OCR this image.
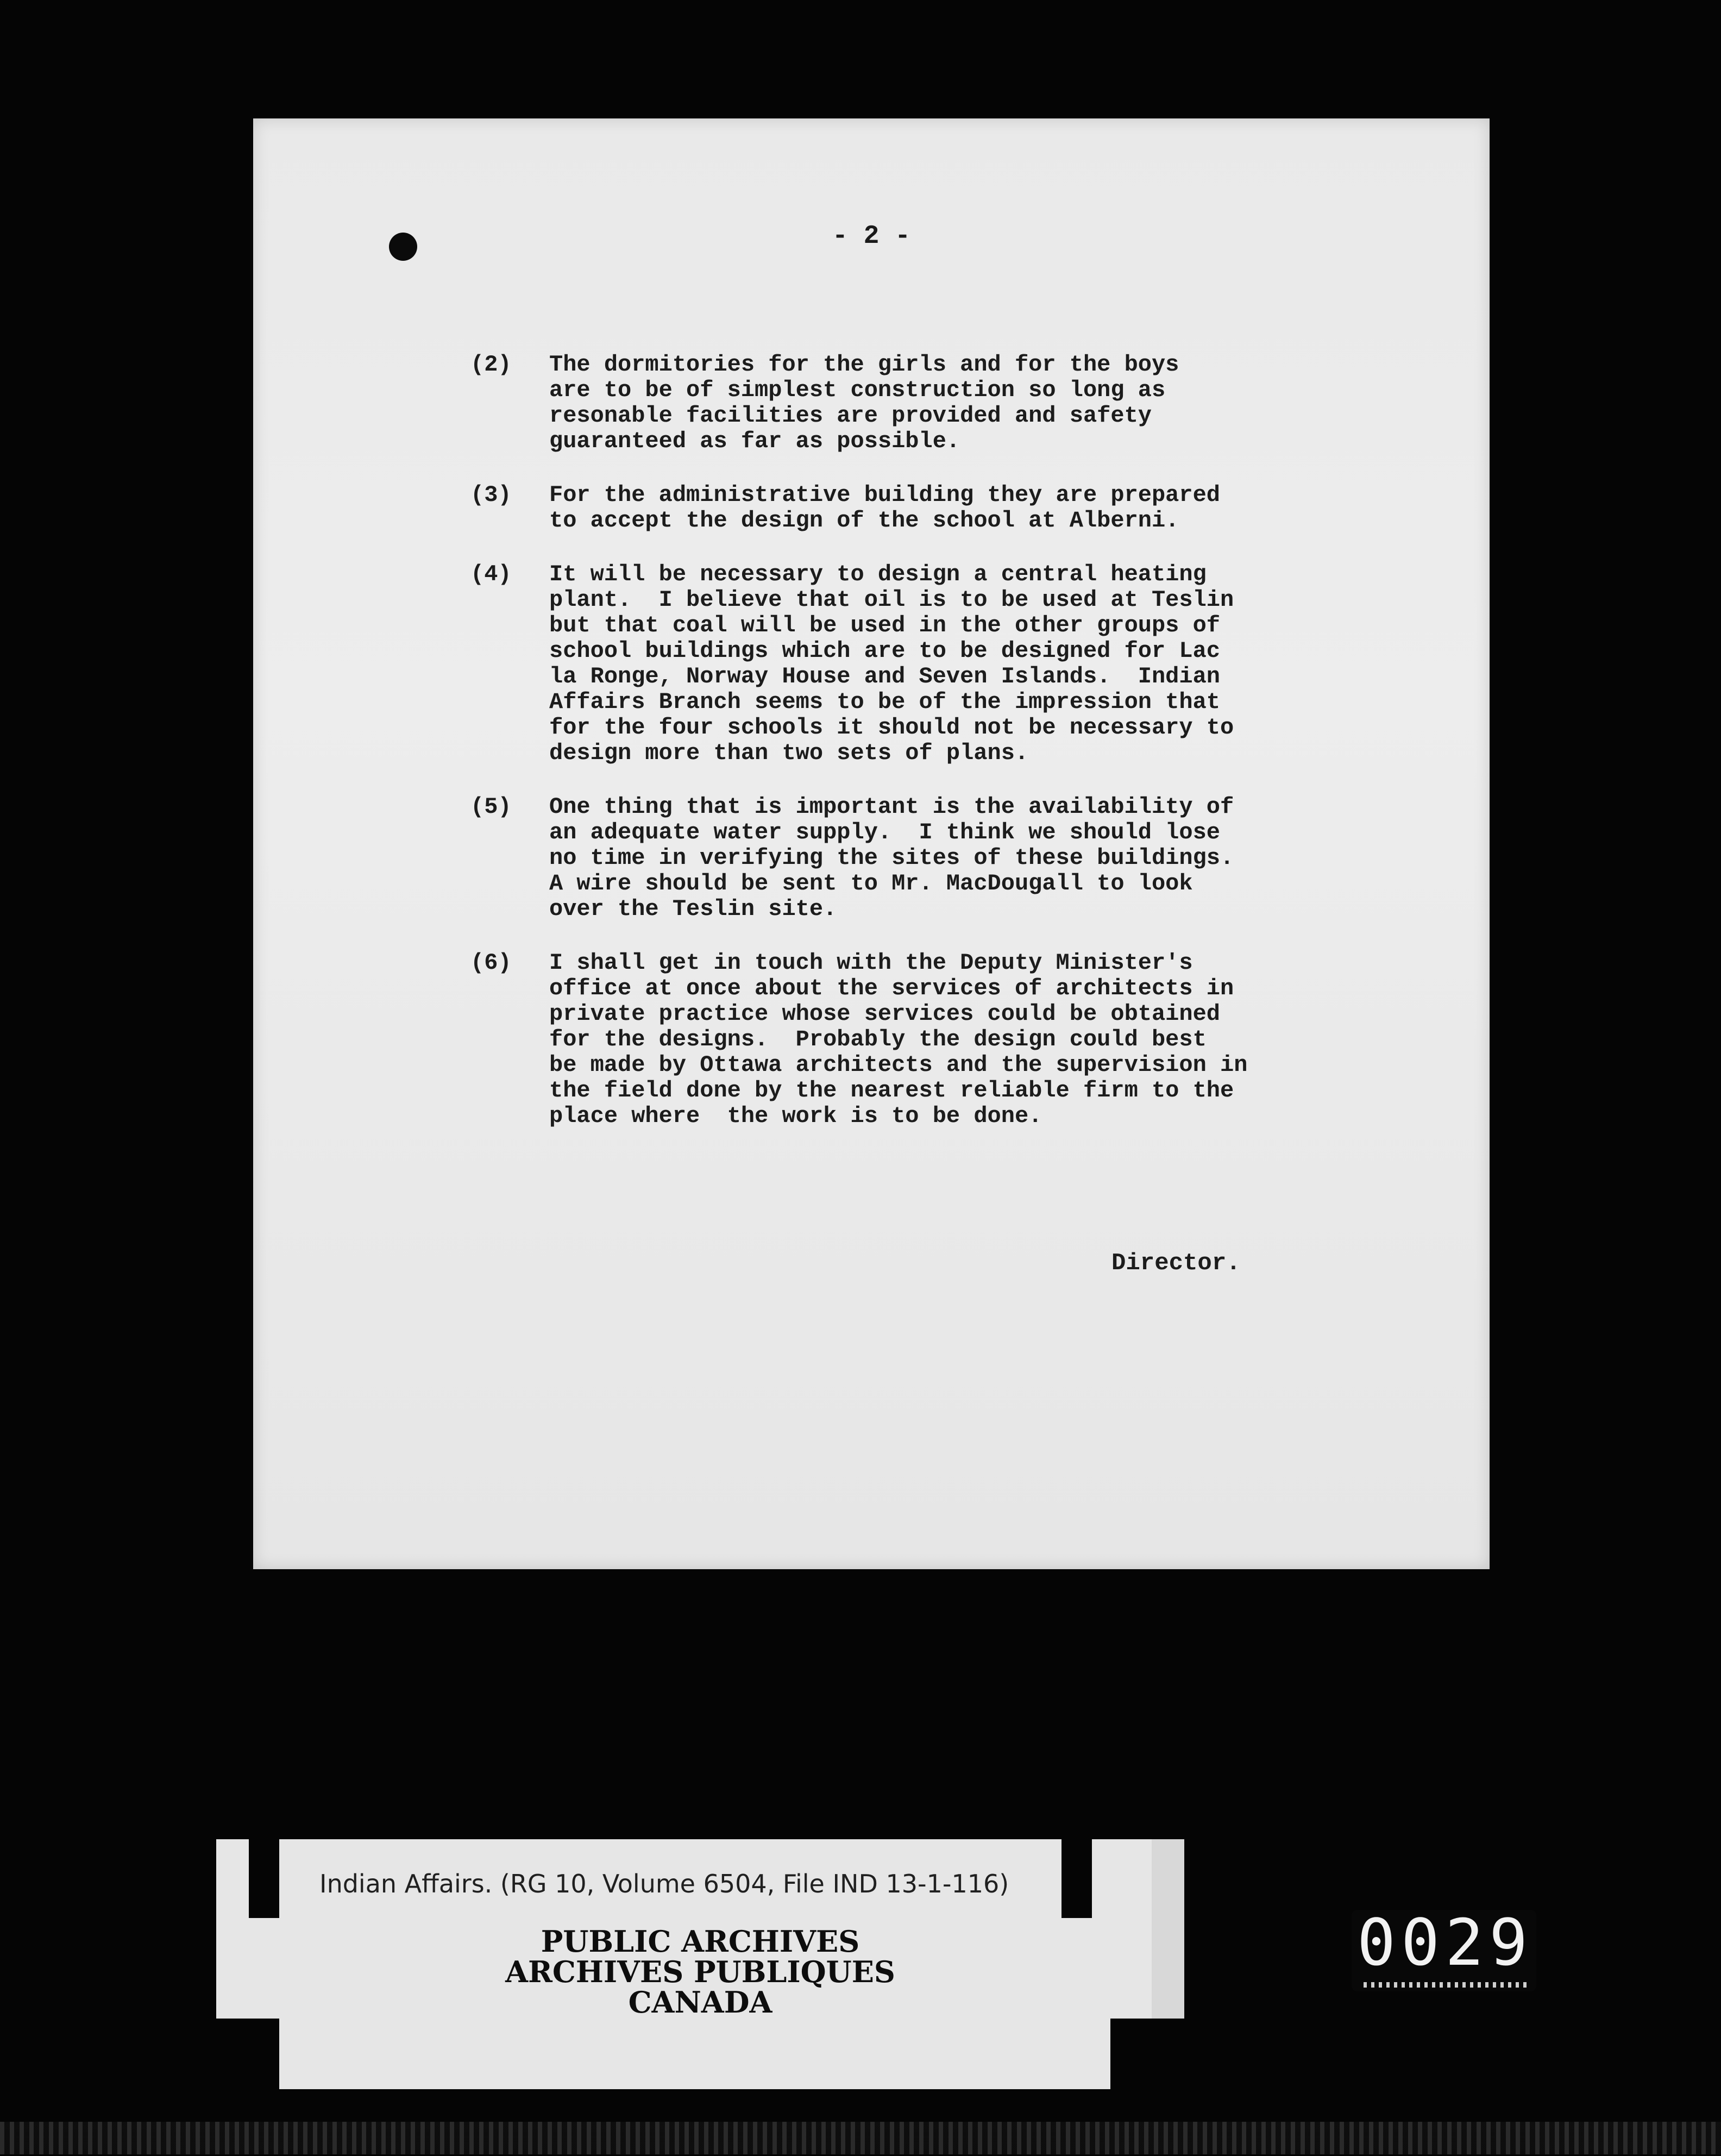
- 2 -
(2)	The dormitories for the girls and for the boys
are to be of simplest construction so long as
resonable facilities are provided and safety
guaranteed as far as possible.
(3)	For the administrative building they are prepared
to accept the design of the school at Alberni.
(4)	It will be necessary to design a central heating
plant.  I believe that oil is to be used at Teslin
but that coal will be used in the other groups of
school buildings which are to be designed for Lac
la Ronge, Norway House and Seven Islands.  Indian
Affairs Branch seems to be of the impression that
for the four schools it should not be necessary to
design more than two sets of plans.
(5)	One thing that is important is the availability of
an adequate water supply.  I think we should lose
no time in verifying the sites of these buildings.
A wire should be sent to Mr. MacDougall to look
over the Teslin site.
(6)	I shall get in touch with the Deputy Minister's
office at once about the services of architects in
private practice whose services could be obtained
for the designs.  Probably the design could best
be made by Ottawa architects and the supervision in
the field done by the nearest reliable firm to the
place where  the work is to be done.
Director.
Indian Affairs. (RG 10, Volume 6504, File IND 13-1-116)
PUBLIC ARCHIVES
ARCHIVES PUBLIQUES
CANADA
0029
